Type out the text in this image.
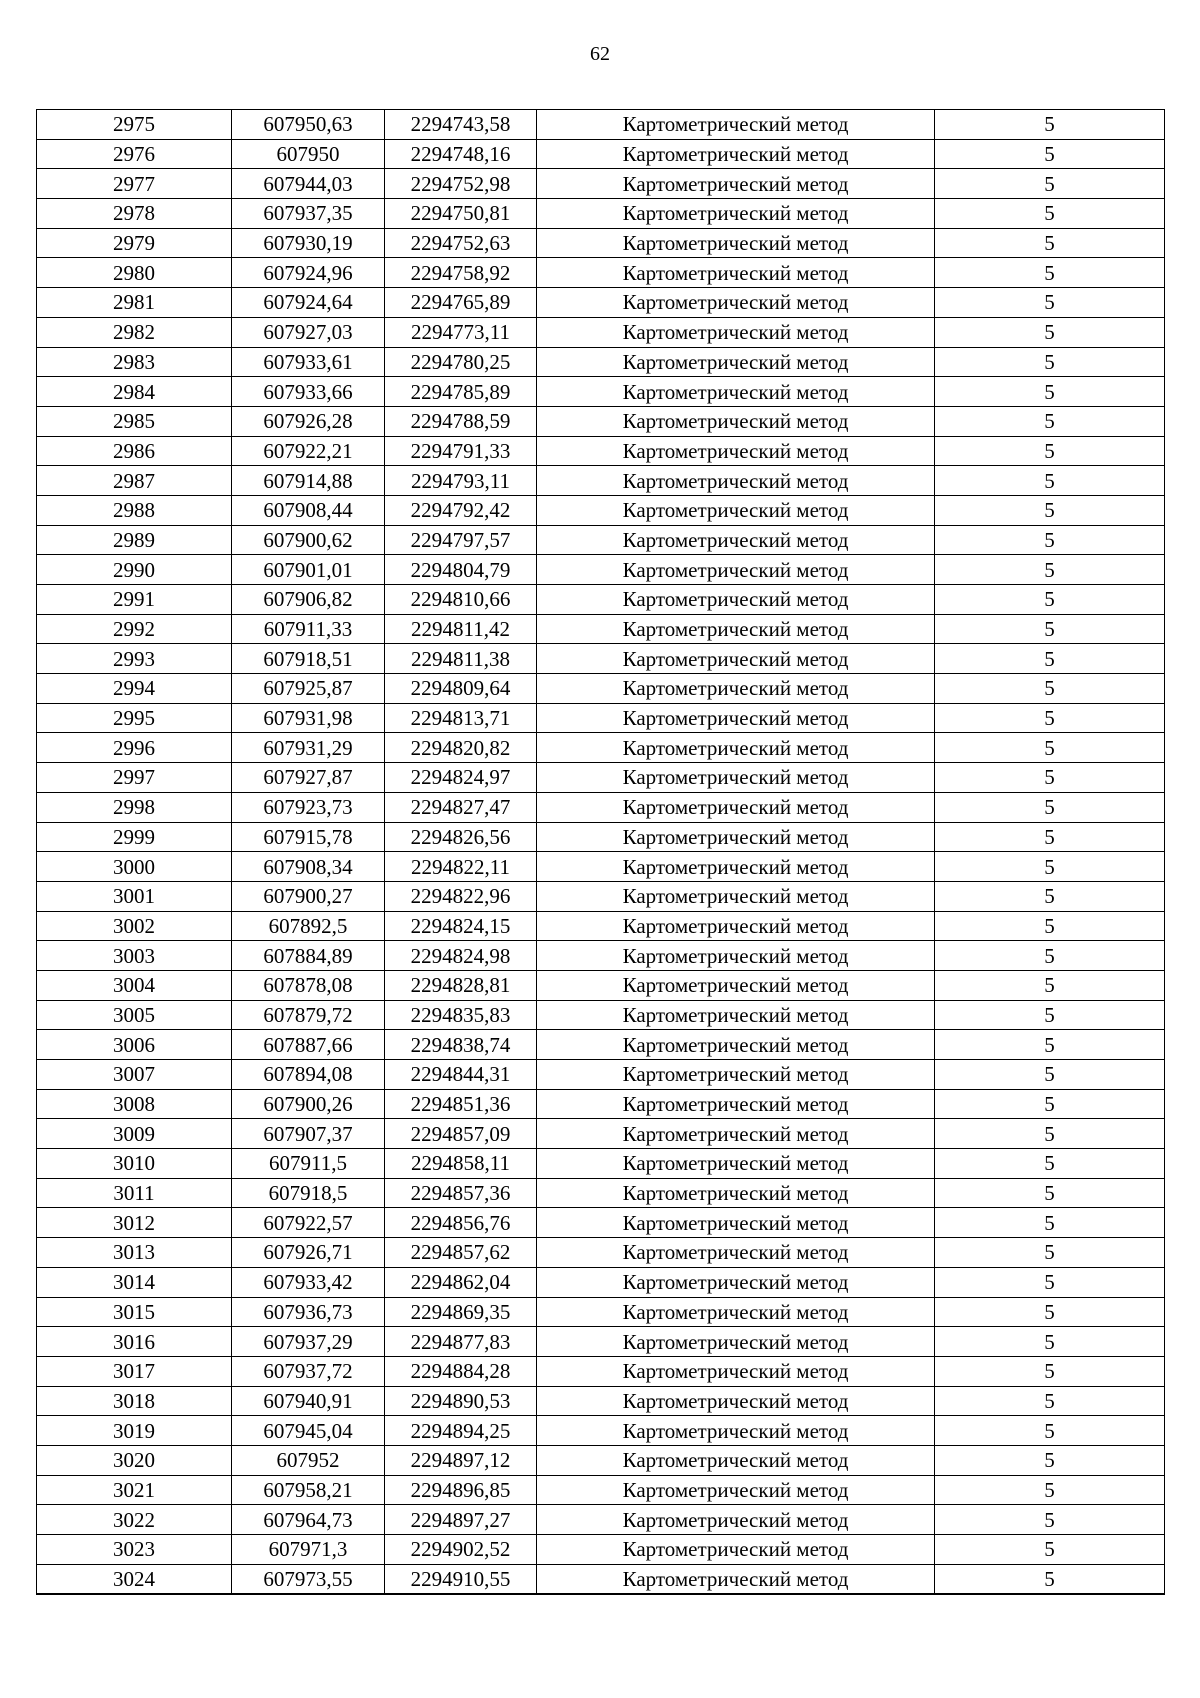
62
2975	607950,63	2294743,58	Картометрический метод	5
2976	607950	2294748,16	Картометрический метод	5
2977	607944,03	2294752,98	Картометрический метод	5
2978	607937,35	2294750,81	Картометрический метод	5
2979	607930,19	2294752,63	Картометрический метод	5
2980	607924,96	2294758,92	Картометрический метод	5
2981	607924,64	2294765,89	Картометрический метод	5
2982	607927,03	2294773,11	Картометрический метод	5
2983	607933,61	2294780,25	Картометрический метод	5
2984	607933,66	2294785,89	Картометрический метод	5
2985	607926,28	2294788,59	Картометрический метод	5
2986	607922,21	2294791,33	Картометрический метод	5
2987	607914,88	2294793,11	Картометрический метод	5
2988	607908,44	2294792,42	Картометрический метод	5
2989	607900,62	2294797,57	Картометрический метод	5
2990	607901,01	2294804,79	Картометрический метод	5
2991	607906,82	2294810,66	Картометрический метод	5
2992	607911,33	2294811,42	Картометрический метод	5
2993	607918,51	2294811,38	Картометрический метод	5
2994	607925,87	2294809,64	Картометрический метод	5
2995	607931,98	2294813,71	Картометрический метод	5
2996	607931,29	2294820,82	Картометрический метод	5
2997	607927,87	2294824,97	Картометрический метод	5
2998	607923,73	2294827,47	Картометрический метод	5
2999	607915,78	2294826,56	Картометрический метод	5
3000	607908,34	2294822,11	Картометрический метод	5
3001	607900,27	2294822,96	Картометрический метод	5
3002	607892,5	2294824,15	Картометрический метод	5
3003	607884,89	2294824,98	Картометрический метод	5
3004	607878,08	2294828,81	Картометрический метод	5
3005	607879,72	2294835,83	Картометрический метод	5
3006	607887,66	2294838,74	Картометрический метод	5
3007	607894,08	2294844,31	Картометрический метод	5
3008	607900,26	2294851,36	Картометрический метод	5
3009	607907,37	2294857,09	Картометрический метод	5
3010	607911,5	2294858,11	Картометрический метод	5
3011	607918,5	2294857,36	Картометрический метод	5
3012	607922,57	2294856,76	Картометрический метод	5
3013	607926,71	2294857,62	Картометрический метод	5
3014	607933,42	2294862,04	Картометрический метод	5
3015	607936,73	2294869,35	Картометрический метод	5
3016	607937,29	2294877,83	Картометрический метод	5
3017	607937,72	2294884,28	Картометрический метод	5
3018	607940,91	2294890,53	Картометрический метод	5
3019	607945,04	2294894,25	Картометрический метод	5
3020	607952	2294897,12	Картометрический метод	5
3021	607958,21	2294896,85	Картометрический метод	5
3022	607964,73	2294897,27	Картометрический метод	5
3023	607971,3	2294902,52	Картометрический метод	5
3024	607973,55	2294910,55	Картометрический метод	5
